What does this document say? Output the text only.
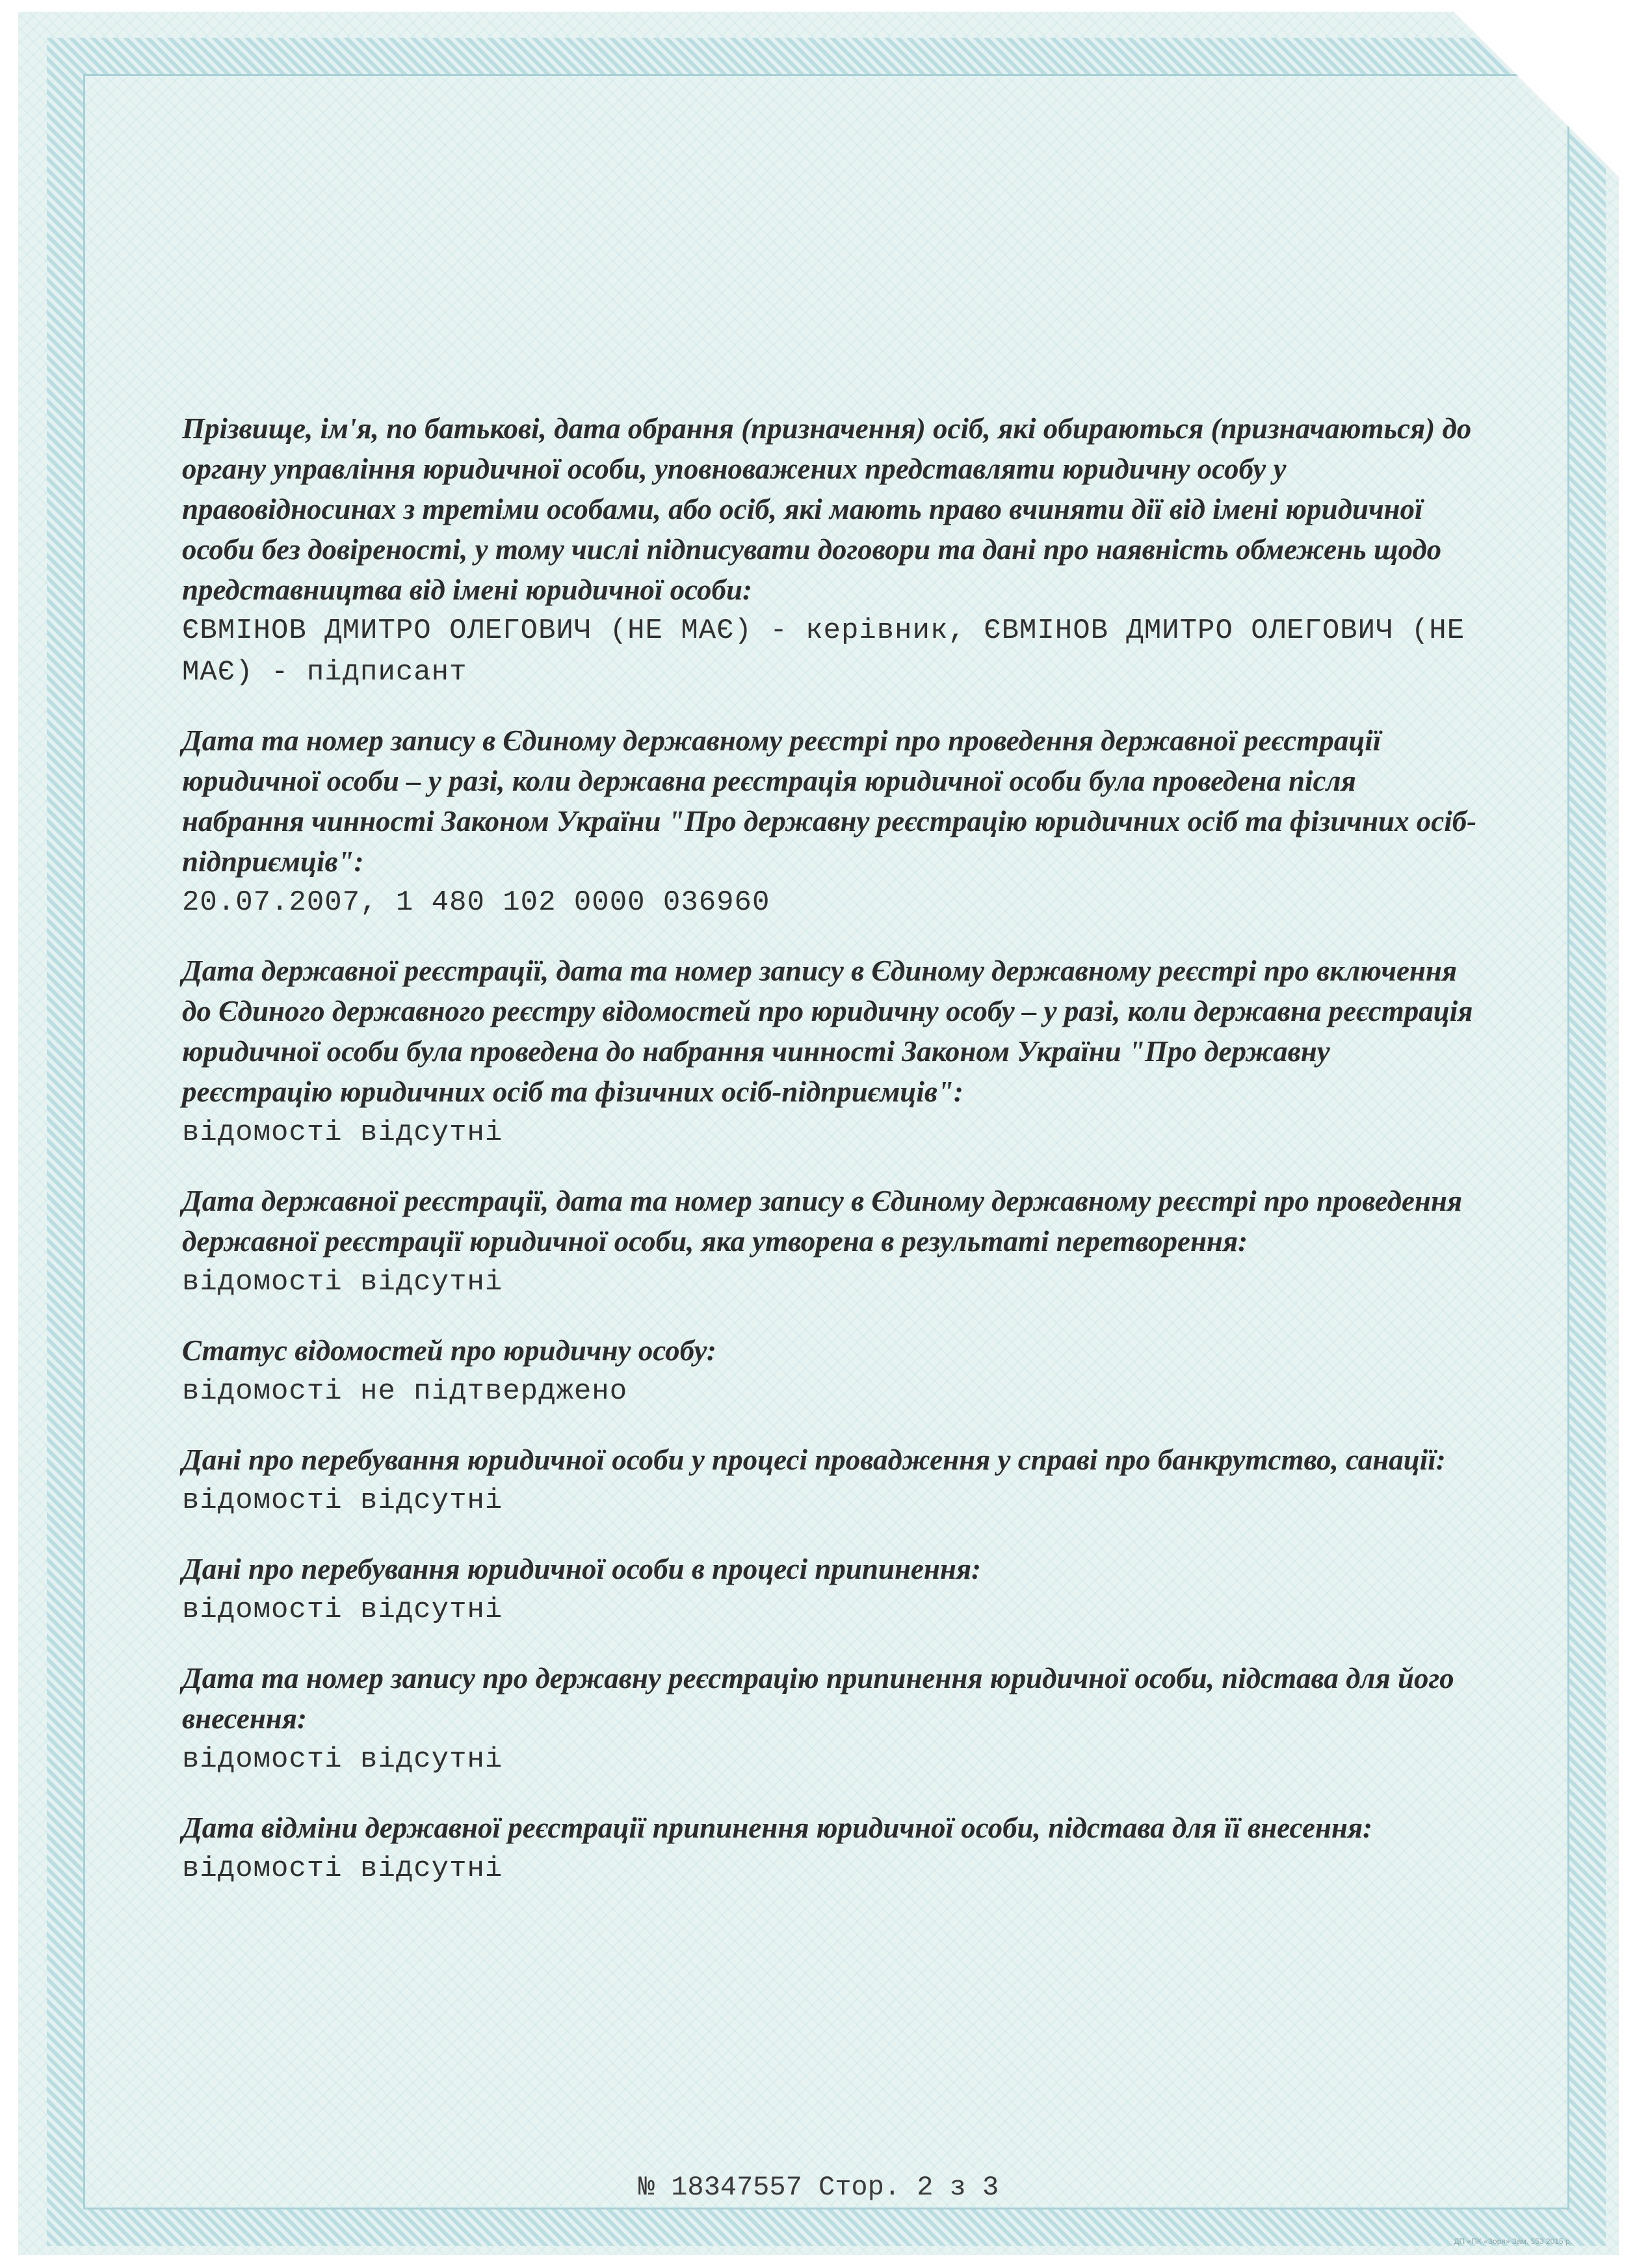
Прізвище, ім'я, по батькові, дата обрання (призначення) осіб, які обираються (призначаються) до органу управління юридичної особи, уповноважених представляти юридичну особу у правовідносинах з третіми особами, або осіб, які мають право вчиняти дії від імені юридичної особи без довіреності, у тому числі підписувати договори та дані про наявність обмежень щодо представництва від імені юридичної особи:

ЄВМІНОВ ДМИТРО ОЛЕГОВИЧ (НЕ МАЄ) - керівник, ЄВМІНОВ ДМИТРО ОЛЕГОВИЧ (НЕ МАЄ) - підписант

Дата та номер запису в Єдиному державному реєстрі про проведення державної реєстрації юридичної особи – у разі, коли державна реєстрація юридичної особи була проведена після набрання чинності Законом України "Про державну реєстрацію юридичних осіб та фізичних осіб-підприємців":

20.07.2007, 1 480 102 0000 036960

Дата державної реєстрації, дата та номер запису в Єдиному державному реєстрі про включення до Єдиного державного реєстру відомостей про юридичну особу – у разі, коли державна реєстрація юридичної особи була проведена до набрання чинності Законом України "Про державну реєстрацію юридичних осіб та фізичних осіб-підприємців":

відомості відсутні

Дата державної реєстрації, дата та номер запису в Єдиному державному реєстрі про проведення державної реєстрації юридичної особи, яка утворена в результаті перетворення:

відомості відсутні

Статус відомостей про юридичну особу:

відомості не підтверджено

Дані про перебування юридичної особи у процесі провадження у справі про банкрутство, санації:

відомості відсутні

Дані про перебування юридичної особи в процесі припинення:

відомості відсутні

Дата та номер запису про державну реєстрацію припинення юридичної особи, підстава для його внесення:

відомості відсутні

Дата відміни державної реєстрації припинення юридичної особи, підстава для її внесення:

відомості відсутні

№ 18347557 Стор. 2 з 3
ДП «ПК «Зоря» Зам. 553 2015 р.
